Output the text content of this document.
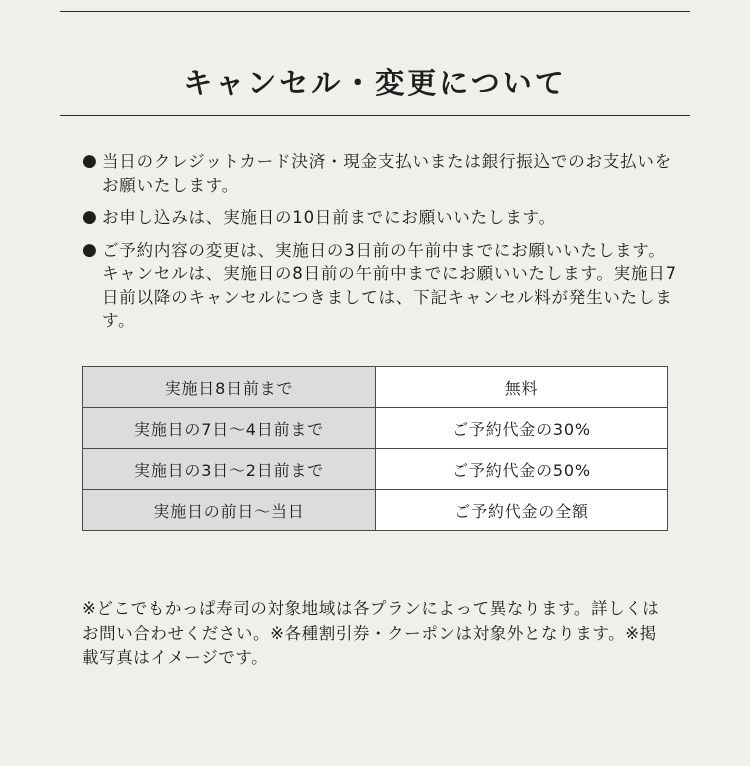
キャンセル・変更について
● 当日のクレジットカード決済・現金支払いまたは銀行振込でのお支払いをお願いたします。
● お申し込みは、実施日の10日前までにお願いいたします。
● ご予約内容の変更は、実施日の3日前の午前中までにお願いいたします。キャンセルは、実施日の8日前の午前中までにお願いいたします。実施日7日前以降のキャンセルにつきましては、下記キャンセル料が発生いたします。
実施日8日前まで	無料
実施日の7日〜4日前まで	ご予約代金の30%
実施日の3日〜2日前まで	ご予約代金の50%
実施日の前日〜当日	ご予約代金の全額

※どこでもかっぱ寿司の対象地域は各プランによって異なります。詳しくはお問い合わせください。※各種割引券・クーポンは対象外となります。※掲載写真はイメージです。
